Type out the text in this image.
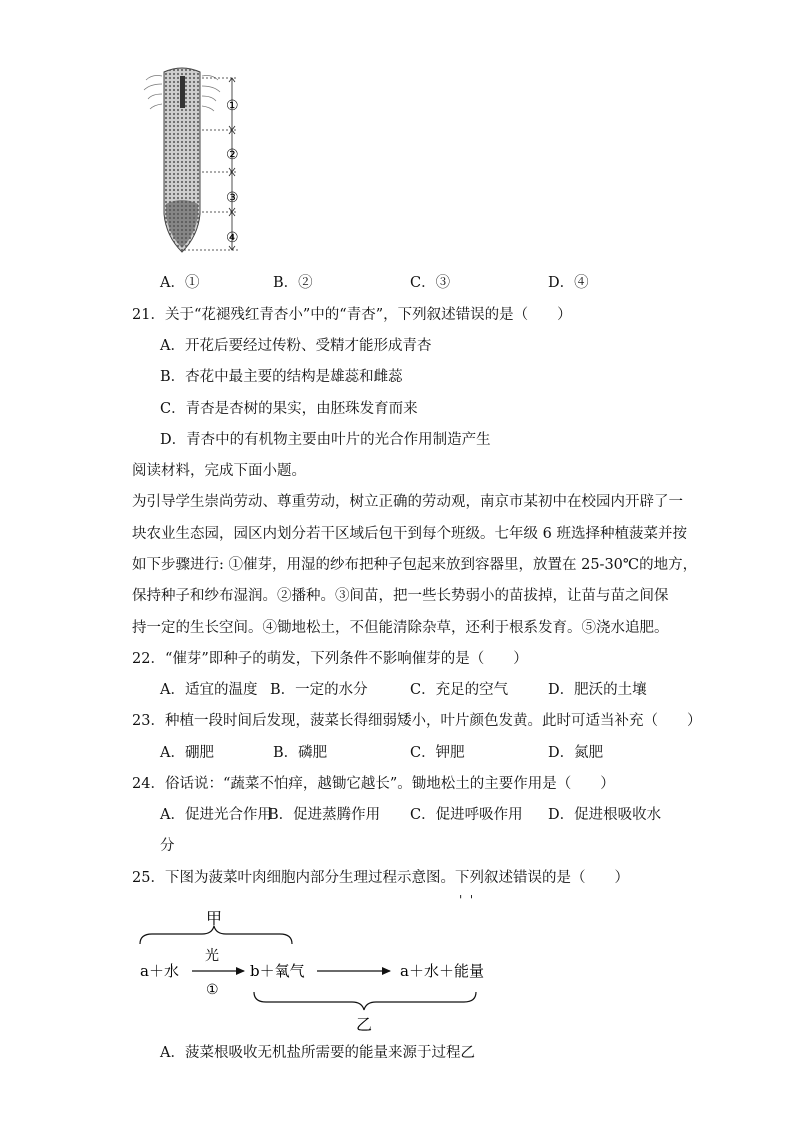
①
②
③
④
A．①	B．②	C．③	D．④
21．关于“花褪残红青杏小”中的“青杏”，下列叙述错误的是（　　）
A．开花后要经过传粉、受精才能形成青杏
B．杏花中最主要的结构是雄蕊和雌蕊
C．青杏是杏树的果实，由胚珠发育而来
D．青杏中的有机物主要由叶片的光合作用制造产生
阅读材料，完成下面小题。
为引导学生崇尚劳动、尊重劳动，树立正确的劳动观，南京市某初中在校园内开辟了一
块农业生态园，园区内划分若干区域后包干到每个班级。七年级 6 班选择种植菠菜并按
如下步骤进行: ①催芽，用湿的纱布把种子包起来放到容器里，放置在 25-30℃的地方，
保持种子和纱布湿润。②播种。③间苗，把一些长势弱小的苗拔掉，让苗与苗之间保
持一定的生长空间。④锄地松土，不但能清除杂草，还利于根系发育。⑤浇水追肥。
22．“催芽”即种子的萌发，下列条件不影响催芽的是（　　）
A．适宜的温度 B．一定的水分	C．充足的空气	D．肥沃的土壤
23．种植一段时间后发现，菠菜长得细弱矮小，叶片颜色发黄。此时可适当补充（　　）
A．硼肥	B．磷肥	C．钾肥	D．氮肥
24．俗话说：“蔬菜不怕痒，越锄它越长”。锄地松土的主要作用是（　　）
A．促进光合作用
B．促进蒸腾作用 C．促进呼吸作用 D．促进根吸收水
分
25．下图为菠菜叶肉细胞内部分生理过程示意图。下列叙述错误的是（　　）
'  '
甲
a＋水
光
①
b＋氧气	a＋水＋能量
乙
A．菠菜根吸收无机盐所需要的能量来源于过程乙
